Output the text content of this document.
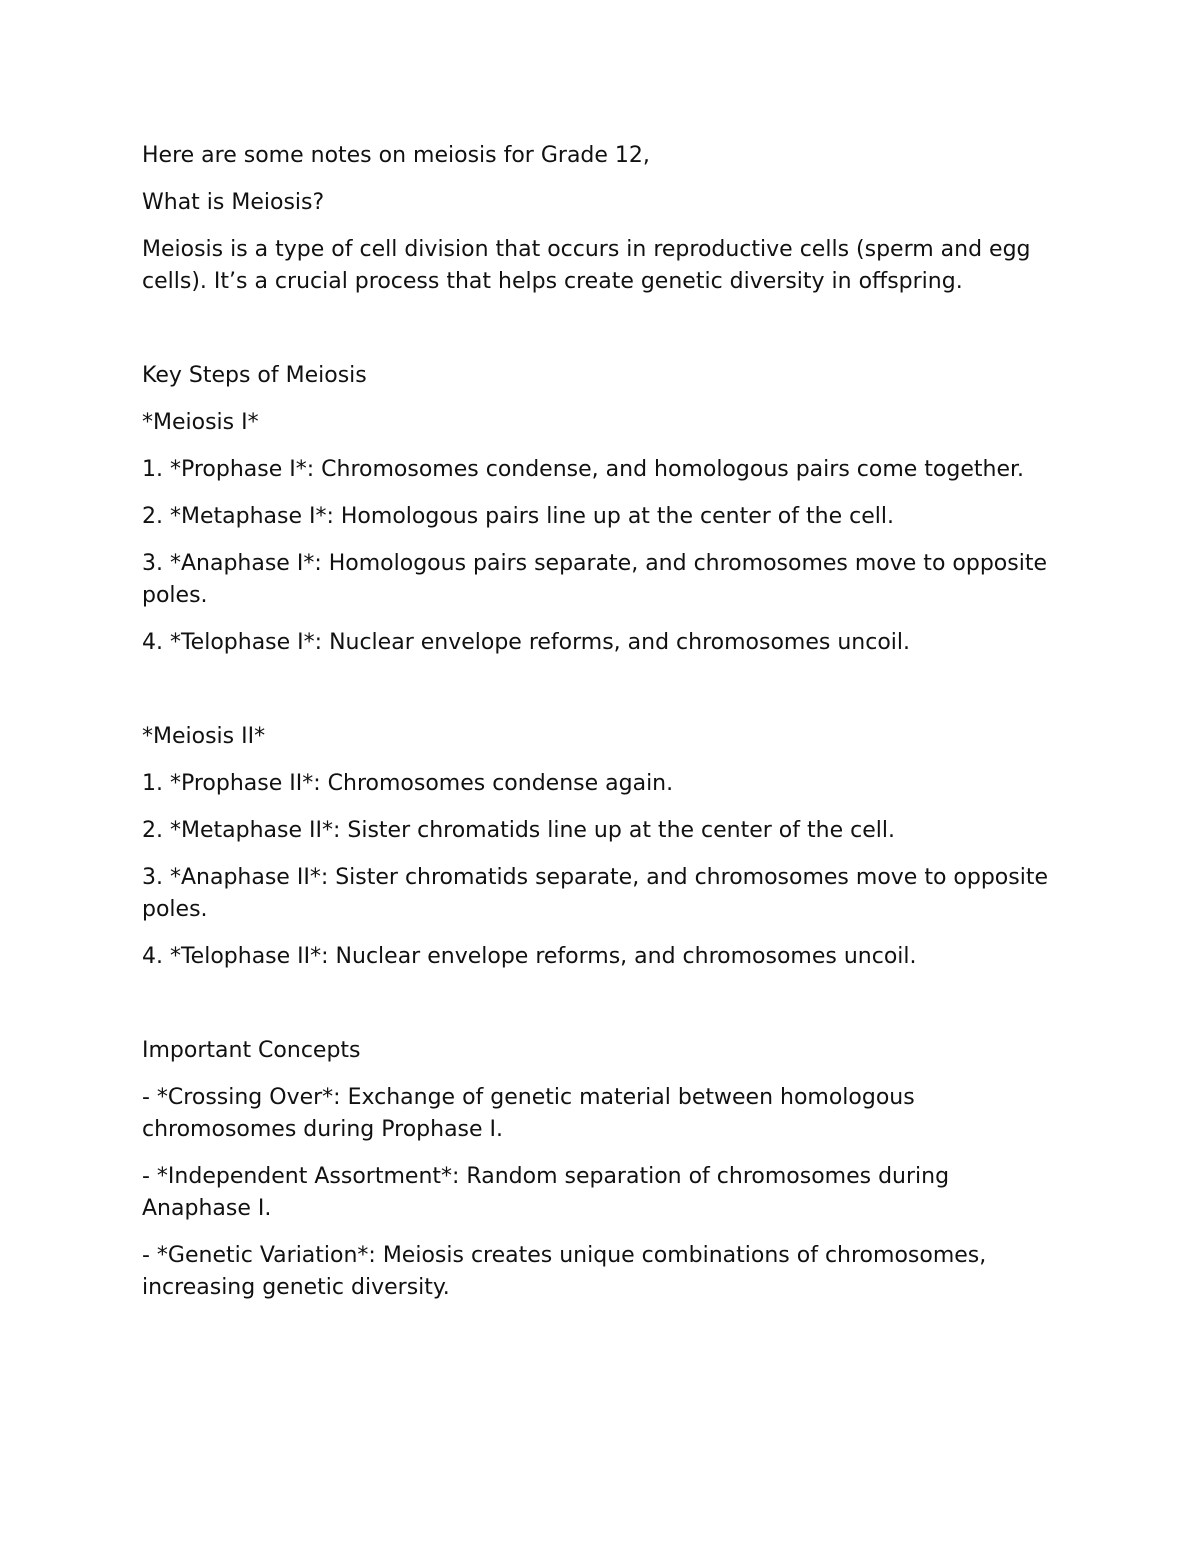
Here are some notes on meiosis for Grade 12,

What is Meiosis?

Meiosis is a type of cell division that occurs in reproductive cells (sperm and egg cells). It’s a crucial process that helps create genetic diversity in offspring.

Key Steps of Meiosis

*Meiosis I*

1. *Prophase I*: Chromosomes condense, and homologous pairs come together.

2. *Metaphase I*: Homologous pairs line up at the center of the cell.

3. *Anaphase I*: Homologous pairs separate, and chromosomes move to opposite poles.

4. *Telophase I*: Nuclear envelope reforms, and chromosomes uncoil.

*Meiosis II*

1. *Prophase II*: Chromosomes condense again.

2. *Metaphase II*: Sister chromatids line up at the center of the cell.

3. *Anaphase II*: Sister chromatids separate, and chromosomes move to opposite poles.

4. *Telophase II*: Nuclear envelope reforms, and chromosomes uncoil.

Important Concepts

- *Crossing Over*: Exchange of genetic material between homologous chromosomes during Prophase I.

- *Independent Assortment*: Random separation of chromosomes during Anaphase I.

- *Genetic Variation*: Meiosis creates unique combinations of chromosomes, increasing genetic diversity.
